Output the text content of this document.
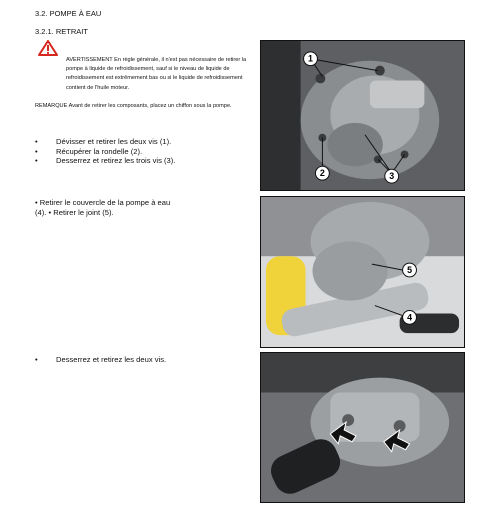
3.2. POMPE À EAU
3.2.1. RETRAIT
AVERTISSEMENT En règle générale, il n'est pas nécessaire de retirer la pompe à liquide de refroidissement, sauf si le niveau de liquide de refroidissement est extrêmement bas ou si le liquide de refroidissement contient de l'huile moteur.
REMARQUE Avant de retirer les composants, placez un chiffon sous la pompe.
•	Dévisser et retirer les deux vis (1).
•	Récupérer la rondelle (2).
•	Desserrez et retirez les trois vis (3).
• Retirer le couvercle de la pompe à eau (4). • Retirer le joint (5).
•	Desserrez et retirez les deux vis.
1
2	3
5
4
